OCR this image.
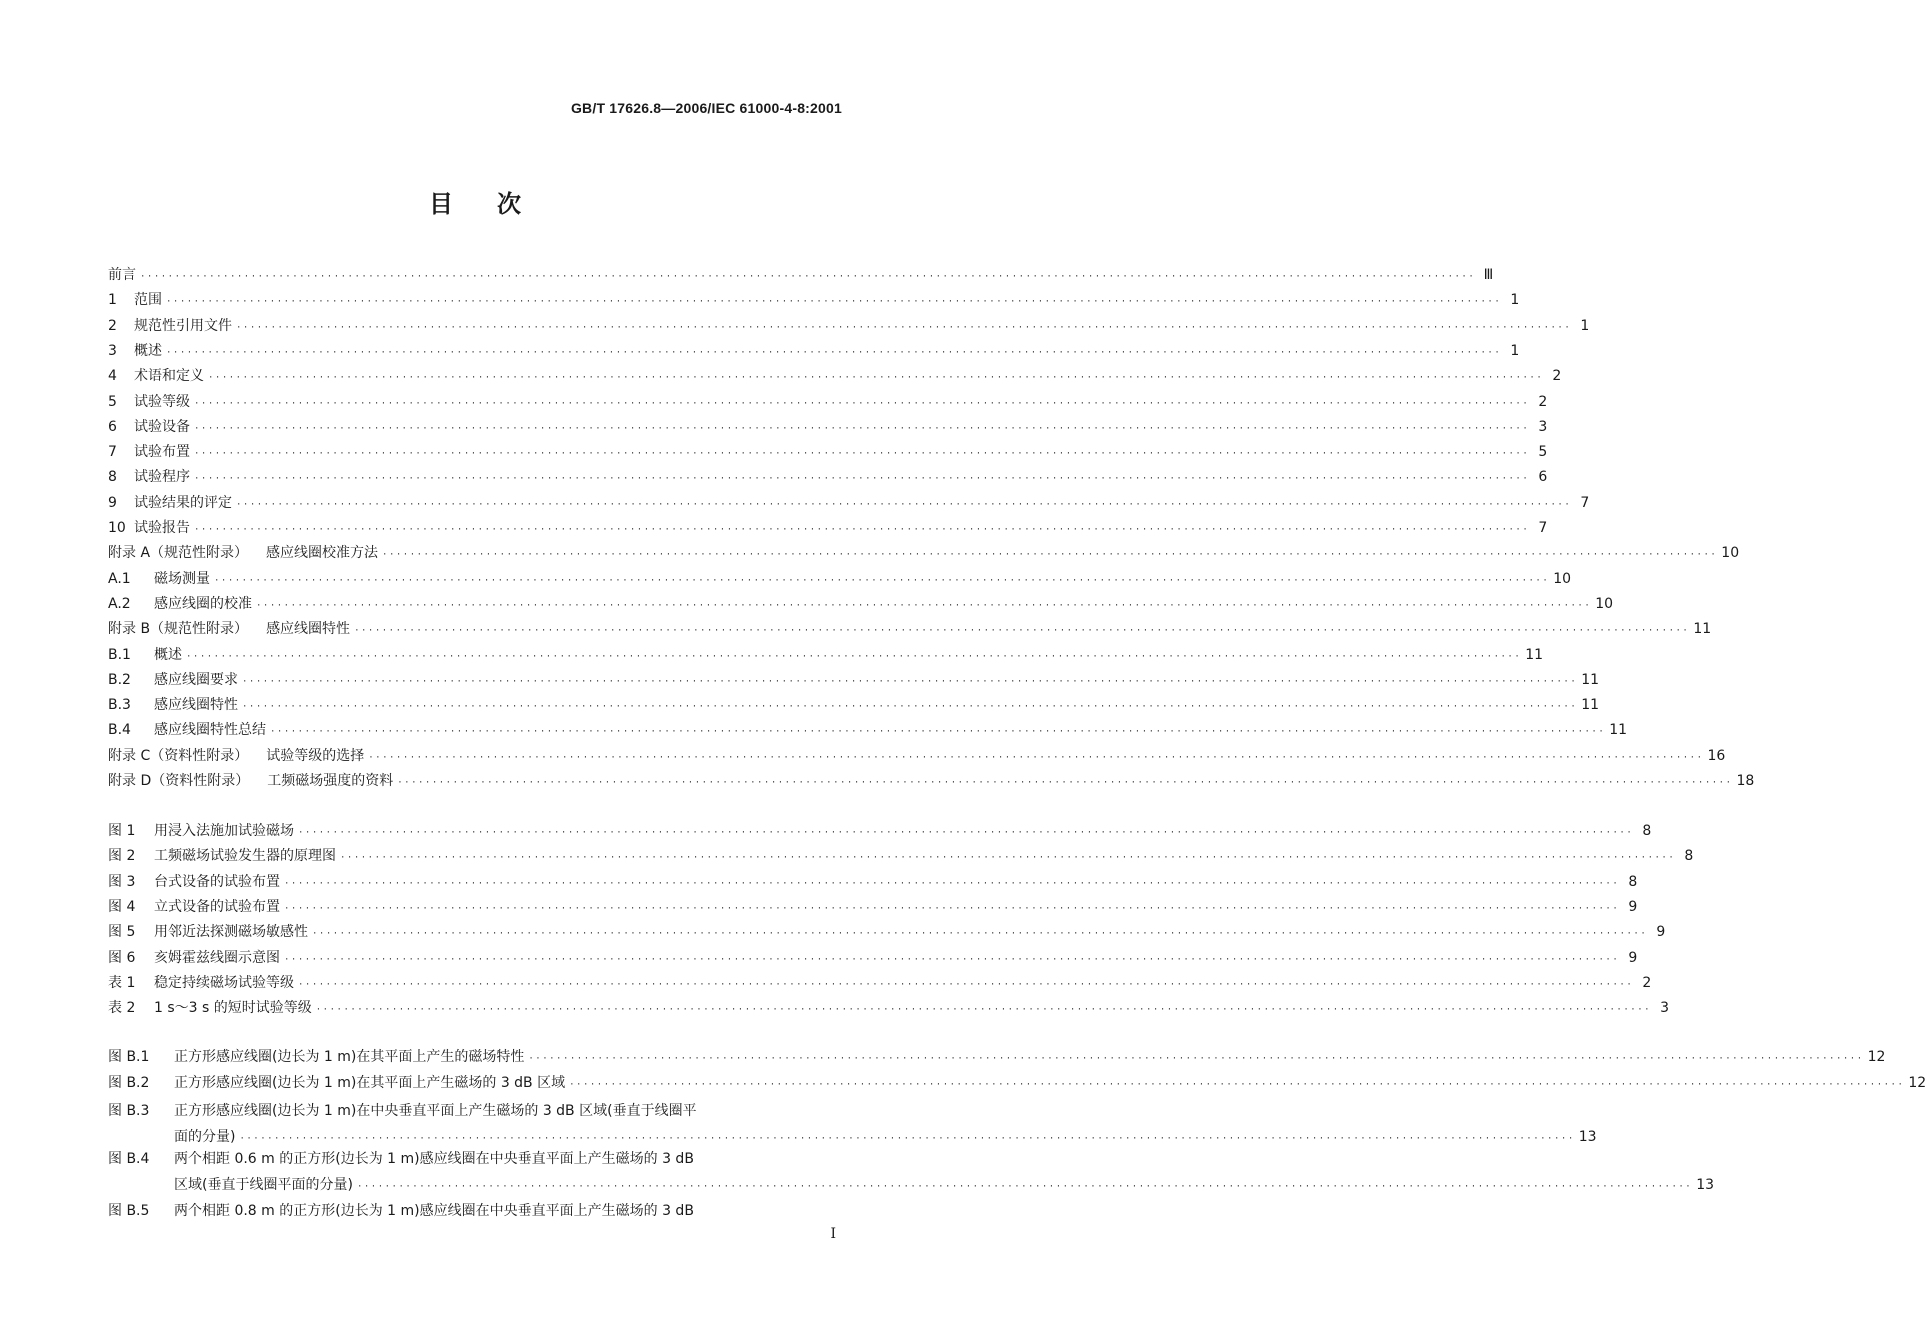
GB/T 17626.8—2006/IEC 61000-4-8:2001
目次
前言 ································································································································································································· Ⅲ
1	范围 ································································································································································································· 1
2	规范性引用文件 ································································································································································································· 1
3	概述 ································································································································································································· 1
4	术语和定义 ································································································································································································· 2
5	试验等级 ································································································································································································· 2
6	试验设备 ································································································································································································· 3
7	试验布置 ································································································································································································· 5
8	试验程序 ································································································································································································· 6
9	试验结果的评定 ································································································································································································· 7
10 试验报告 ································································································································································································· 7
附录 A（规范性附录） 感应线圈校准方法 ································································································································································································· 10
A.1	磁场测量 ································································································································································································· 10
A.2	感应线圈的校准 ································································································································································································· 10
附录 B（规范性附录） 感应线圈特性 ································································································································································································· 11
B.1	概述 ································································································································································································· 11
B.2	感应线圈要求 ································································································································································································· 11
B.3	感应线圈特性 ································································································································································································· 11
B.4	感应线圈特性总结 ································································································································································································· 11
附录 C（资料性附录） 试验等级的选择 ································································································································································································· 16
附录 D（资料性附录） 工频磁场强度的资料 ································································································································································································· 18
图 1	用浸入法施加试验磁场 ································································································································································································· 8
图 2	工频磁场试验发生器的原理图 ································································································································································································· 8
图 3	台式设备的试验布置 ································································································································································································· 8
图 4	立式设备的试验布置 ································································································································································································· 9
图 5	用邻近法探测磁场敏感性 ································································································································································································· 9
图 6	亥姆霍兹线圈示意图 ································································································································································································· 9
表 1	稳定持续磁场试验等级 ································································································································································································· 2
表 2	1 s～3 s 的短时试验等级 ································································································································································································· 3
图 B.1	正方形感应线圈(边长为 1 m)在其平面上产生的磁场特性 ································································································································································································· 12
图 B.2	正方形感应线圈(边长为 1 m)在其平面上产生磁场的 3 dB 区域 ································································································································································································· 12
图 B.3	正方形感应线圈(边长为 1 m)在中央垂直平面上产生磁场的 3 dB 区域(垂直于线圈平
面的分量) ································································································································································································· 13
图 B.4	两个相距 0.6 m 的正方形(边长为 1 m)感应线圈在中央垂直平面上产生磁场的 3 dB
区域(垂直于线圈平面的分量) ································································································································································································· 13
图 B.5 两个相距 0.8 m 的正方形(边长为 1 m)感应线圈在中央垂直平面上产生磁场的 3 dB
I
